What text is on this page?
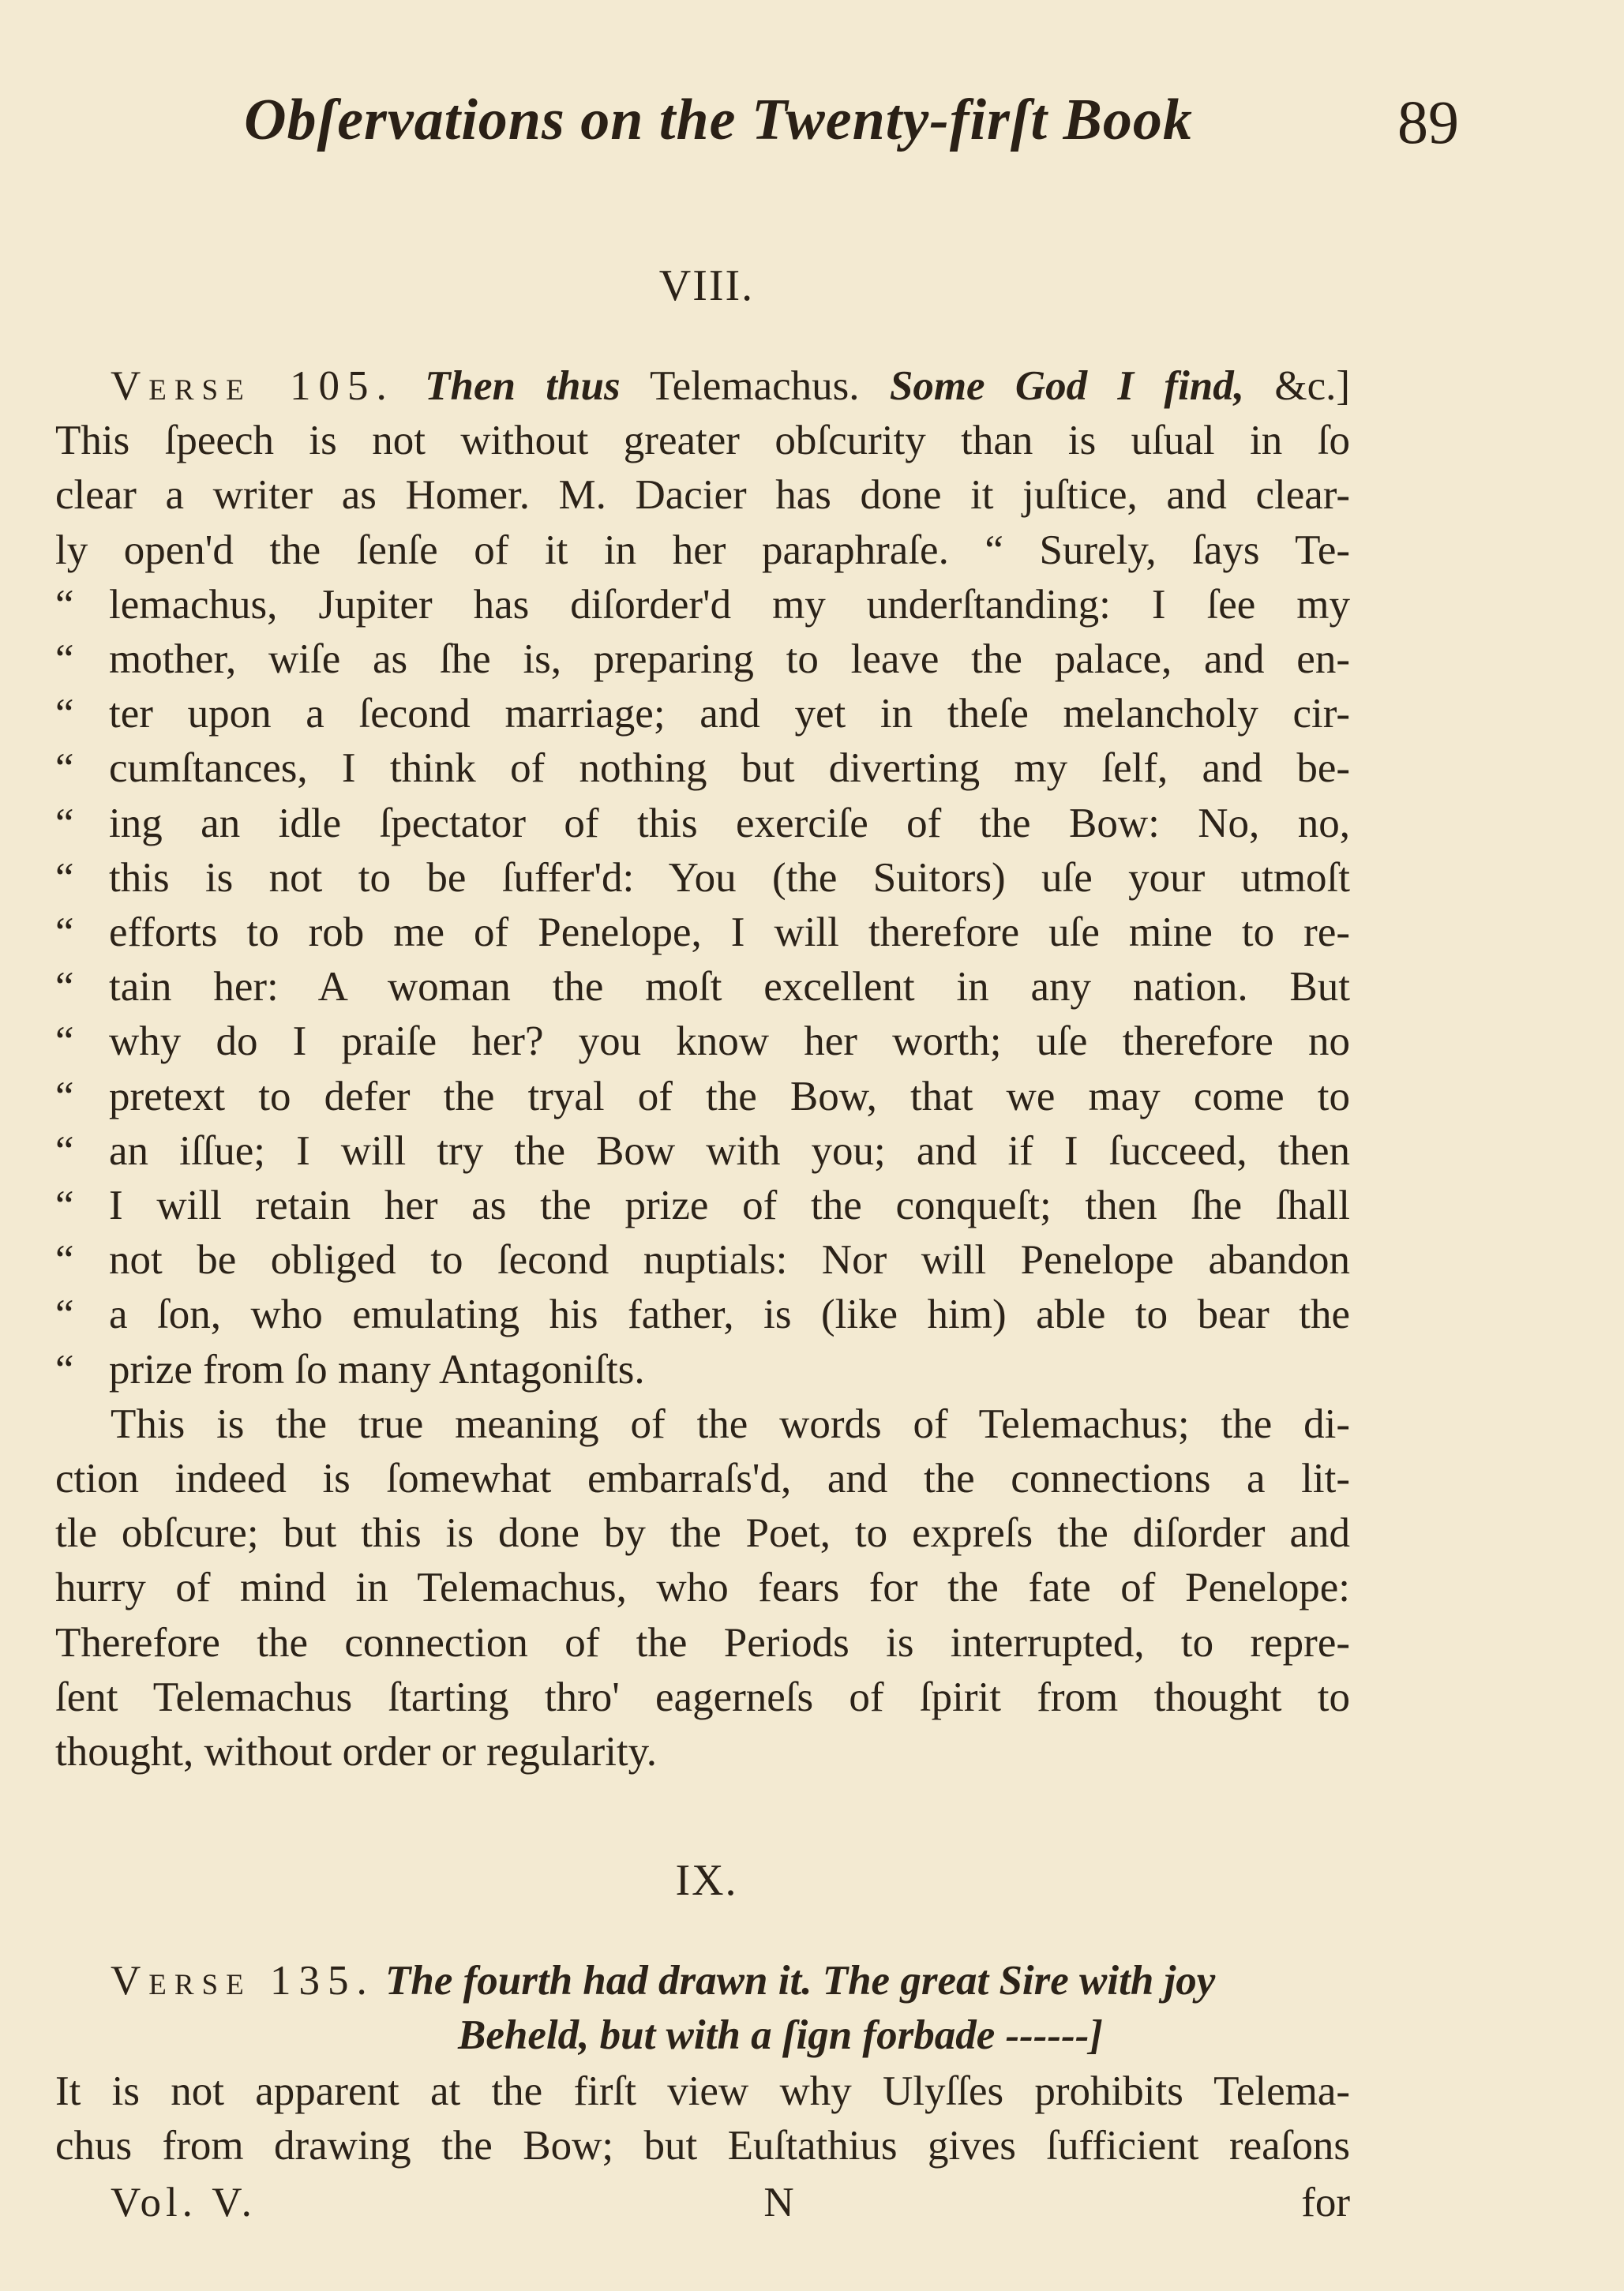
Obſervations on the Twenty-firſt Book	89
VIII.
Verse 105. Then thus Telemachus. Some God I find, &c.]
This ſpeech is not without greater obſcurity than is uſual in ſo
clear a writer as Homer. M. Dacier has done it juſtice, and clear-
ly open'd the ſenſe of it in her paraphraſe. “ Surely, ſays Te-
“ lemachus, Jupiter has diſorder'd my underſtanding: I ſee my
“ mother, wiſe as ſhe is, preparing to leave the palace, and en-
“ ter upon a ſecond marriage; and yet in theſe melancholy cir-
“ cumſtances, I think of nothing but diverting my ſelf, and be-
“ ing an idle ſpectator of this exerciſe of the Bow: No, no,
“ this is not to be ſuffer'd: You (the Suitors) uſe your utmoſt
“ efforts to rob me of Penelope, I will therefore uſe mine to re-
“ tain her: A woman the moſt excellent in any nation. But
“ why do I praiſe her? you know her worth; uſe therefore no
“ pretext to defer the tryal of the Bow, that we may come to
“ an iſſue; I will try the Bow with you; and if I ſucceed, then
“ I will retain her as the prize of the conqueſt; then ſhe ſhall
“ not be obliged to ſecond nuptials: Nor will Penelope abandon
“ a ſon, who emulating his father, is (like him) able to bear the
“ prize from ſo many Antagoniſts.
This is the true meaning of the words of Telemachus; the di-
ction indeed is ſomewhat embarraſs'd, and the connections a lit-
tle obſcure; but this is done by the Poet, to expreſs the diſorder and
hurry of mind in Telemachus, who fears for the fate of Penelope:
Therefore the connection of the Periods is interrupted, to repre-
ſent Telemachus ſtarting thro' eagerneſs of ſpirit from thought to
thought, without order or regularity.
IX.
Verse 135. The fourth had drawn it. The great Sire with joy
Beheld, but with a ſign forbade ------]
It is not apparent at the firſt view why Ulyſſes prohibits Telema-
chus from drawing the Bow; but Euſtathius gives ſufficient reaſons
Vol. V.	N	for
